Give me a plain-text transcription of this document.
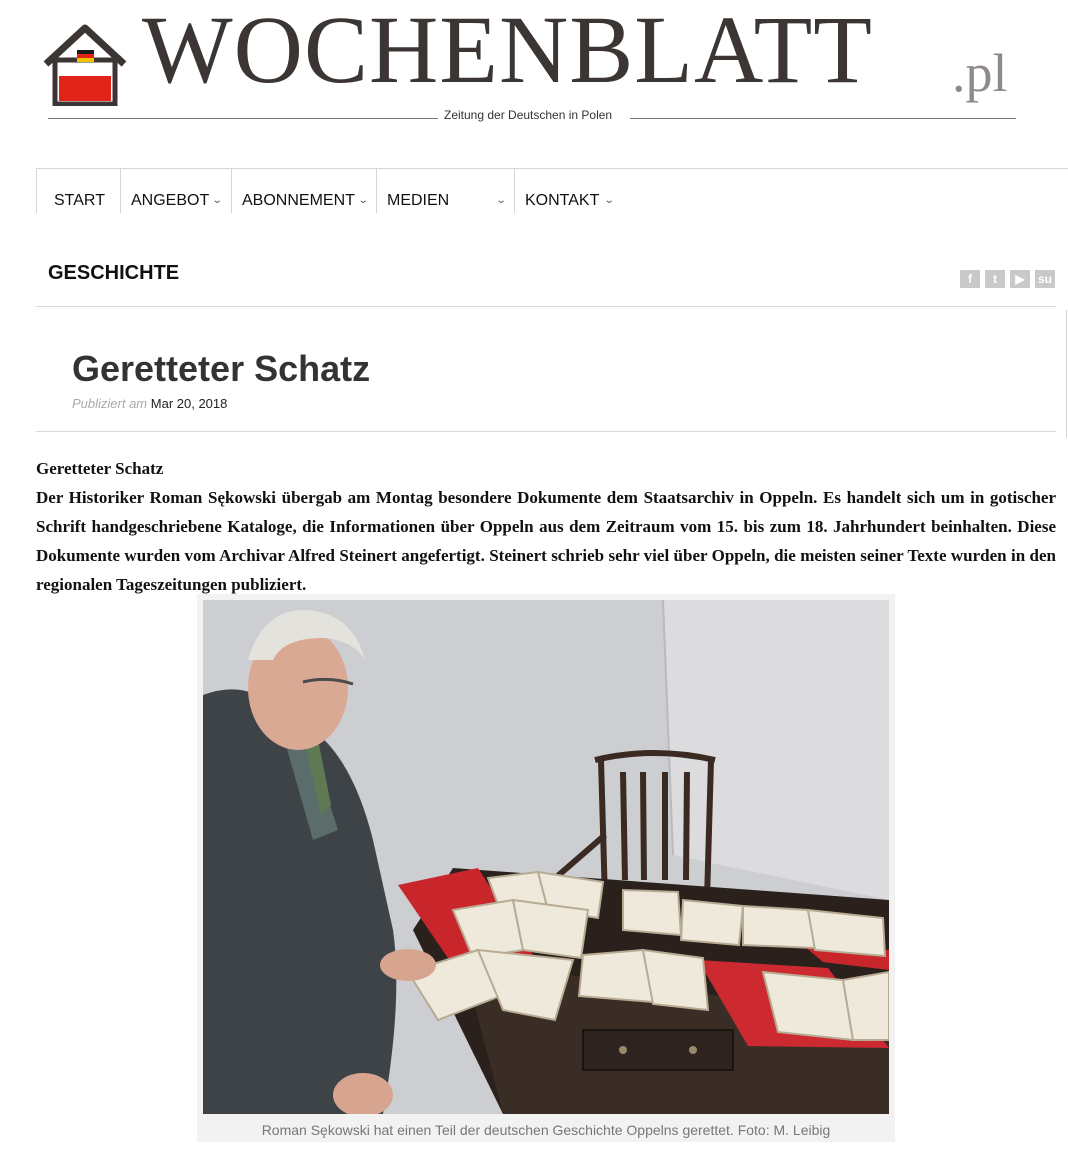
WOCHENBLATT .pl
Zeitung der Deutschen in Polen
START	ANGEBOT ⌄	ABONNEMENT ⌄	MEDIEN	⌄	KONTAKT ⌄
GESCHICHTE	f	t	▶	su
Geretteter Schatz
Publiziert am Mar 20, 2018
Geretteter Schatz
Der Historiker Roman Sękowski übergab am Montag besondere Dokumente dem Staatsarchiv in Oppeln. Es handelt sich um in gotischer Schrift handgeschriebene Kataloge, die Informationen über Oppeln aus dem Zeitraum vom 15. bis zum 18. Jahrhundert beinhalten. Diese Dokumente wurden vom Archivar Alfred Steinert angefertigt. Steinert schrieb sehr viel über Oppeln, die meisten seiner Texte wurden in den regionalen Tageszeitungen publiziert.
Roman Sękowski hat einen Teil der deutschen Geschichte Oppelns gerettet. Foto: M. Leibig
